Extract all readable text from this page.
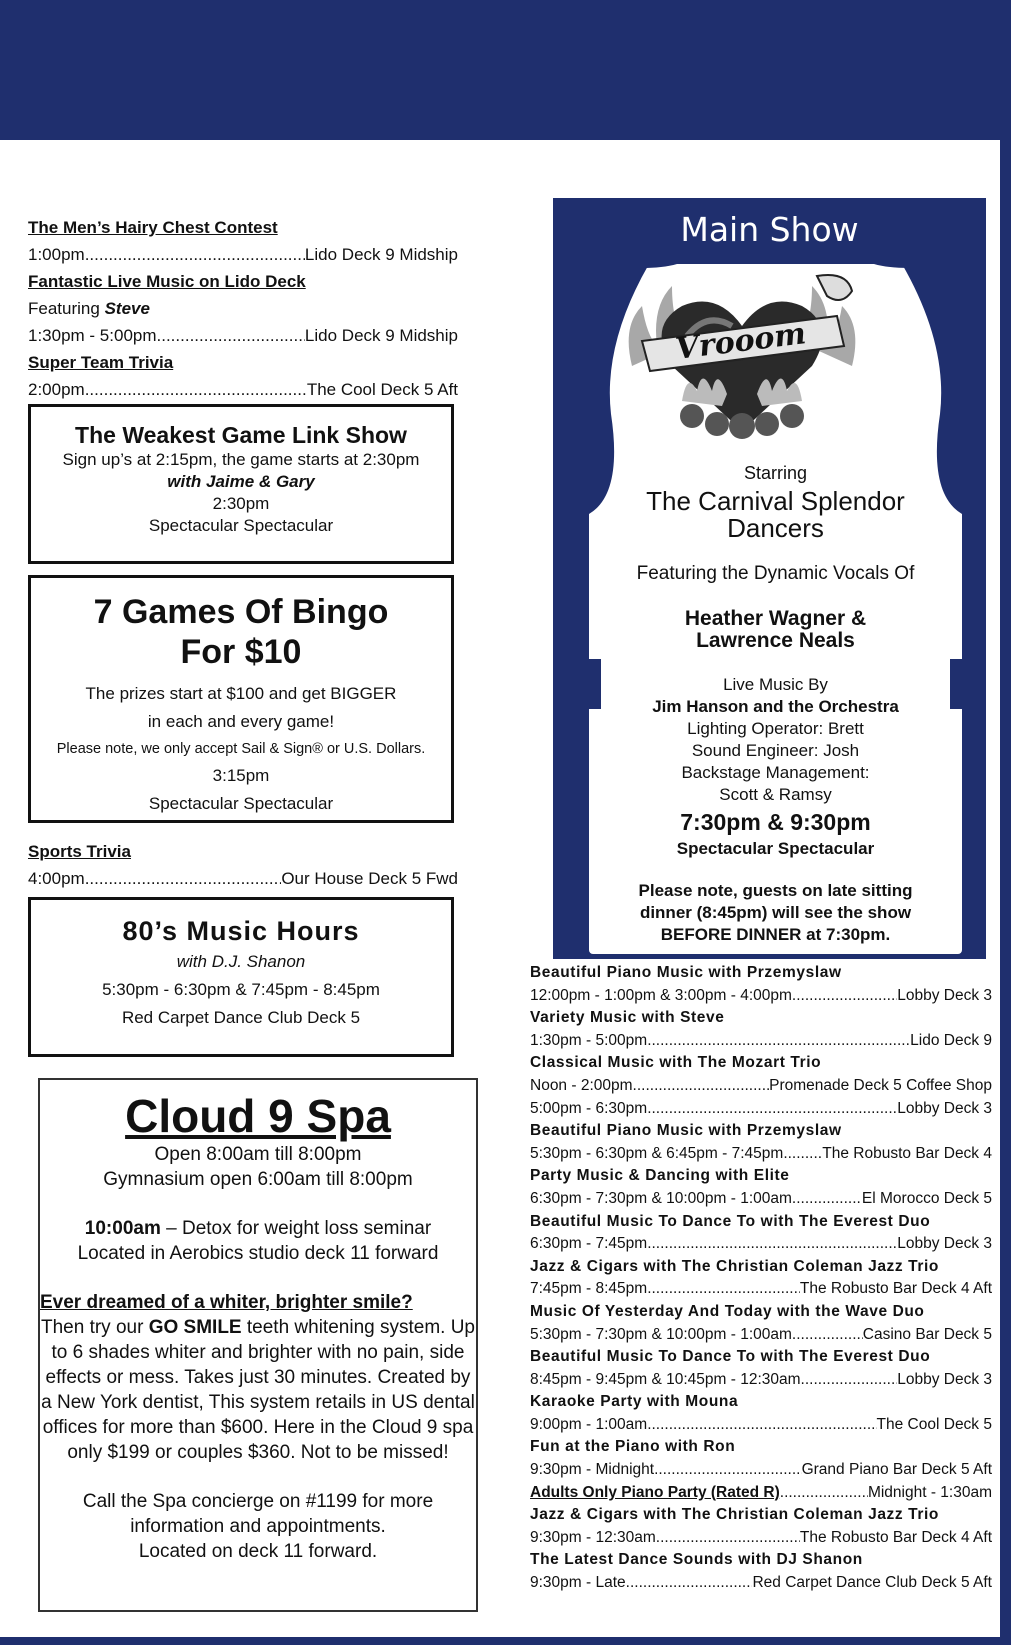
The Men’s Hairy Chest Contest
1:00pm .....	Lido Deck 9 Midship
Fantastic Live Music on Lido Deck
Featuring Steve
1:30pm - 5:00pm .....	Lido Deck 9 Midship
Super Team Trivia
2:00pm .....	The Cool Deck 5 Aft
The Weakest Game Link Show
Sign up’s at 2:15pm, the game starts at 2:30pm
with Jaime & Gary
2:30pm
Spectacular Spectacular
7 Games Of Bingo
For $10
The prizes start at $100 and get BIGGER
in each and every game!
Please note, we only accept Sail & Sign® or U.S. Dollars.
3:15pm
Spectacular Spectacular
Sports Trivia
4:00pm .....	Our House Deck 5 Fwd
80’s Music Hours
with D.J. Shanon
5:30pm - 6:30pm & 7:45pm - 8:45pm
Red Carpet Dance Club Deck 5
Cloud 9 Spa
Open 8:00am till 8:00pm
Gymnasium open 6:00am till 8:00pm
10:00am – Detox for weight loss seminar
Located in Aerobics studio deck 11 forward
Ever dreamed of a whiter, brighter smile?
Then try our GO SMILE teeth whitening system. Up to 6 shades whiter and brighter with no pain, side effects or mess. Takes just 30 minutes. Created by a New York dentist, This system retails in US dental offices for more than $600. Here in the Cloud 9 spa only $199 or couples $360. Not to be missed!
Call the Spa concierge on #1199 for more information and appointments.
Located on deck 11 forward.
Main Show
Starring
The Carnival Splendor
Dancers
Featuring the Dynamic Vocals Of
Heather Wagner &
Lawrence Neals
Live Music By
Jim Hanson and the Orchestra
Lighting Operator: Brett
Sound Engineer: Josh
Backstage Management:
Scott & Ramsy
7:30pm & 9:30pm
Spectacular Spectacular
Please note, guests on late sitting
dinner (8:45pm) will see the show
BEFORE DINNER at 7:30pm.
Vrooom
Beautiful Piano Music with Przemyslaw
12:00pm - 1:00pm & 3:00pm - 4:00pm .....	Lobby Deck 3
Variety Music with Steve
1:30pm - 5:00pm .....	Lido Deck 9
Classical Music with The Mozart Trio
Noon - 2:00pm .....	Promenade Deck 5 Coffee Shop
5:00pm - 6:30pm .....	Lobby Deck 3
Beautiful Piano Music with Przemyslaw
5:30pm - 6:30pm & 6:45pm - 7:45pm .....	The Robusto Bar Deck 4
Party Music & Dancing with Elite
6:30pm - 7:30pm & 10:00pm - 1:00am .....	El Morocco Deck 5
Beautiful Music To Dance To with The Everest Duo
6:30pm - 7:45pm .....	Lobby Deck 3
Jazz & Cigars with The Christian Coleman Jazz Trio
7:45pm - 8:45pm .....	The Robusto Bar Deck 4 Aft
Music Of Yesterday And Today with the Wave Duo
5:30pm - 7:30pm & 10:00pm - 1:00am .....	Casino Bar Deck 5
Beautiful Music To Dance To with The Everest Duo
8:45pm - 9:45pm & 10:45pm - 12:30am .....	Lobby Deck 3
Karaoke Party with Mouna
9:00pm - 1:00am .....	The Cool Deck 5
Fun at the Piano with Ron
9:30pm - Midnight .....	Grand Piano Bar Deck 5 Aft
Adults Only Piano Party (Rated R) .....	Midnight - 1:30am
Jazz & Cigars with The Christian Coleman Jazz Trio
9:30pm - 12:30am .....	The Robusto Bar Deck 4 Aft
The Latest Dance Sounds with DJ Shanon
9:30pm - Late .....	Red Carpet Dance Club Deck 5 Aft
